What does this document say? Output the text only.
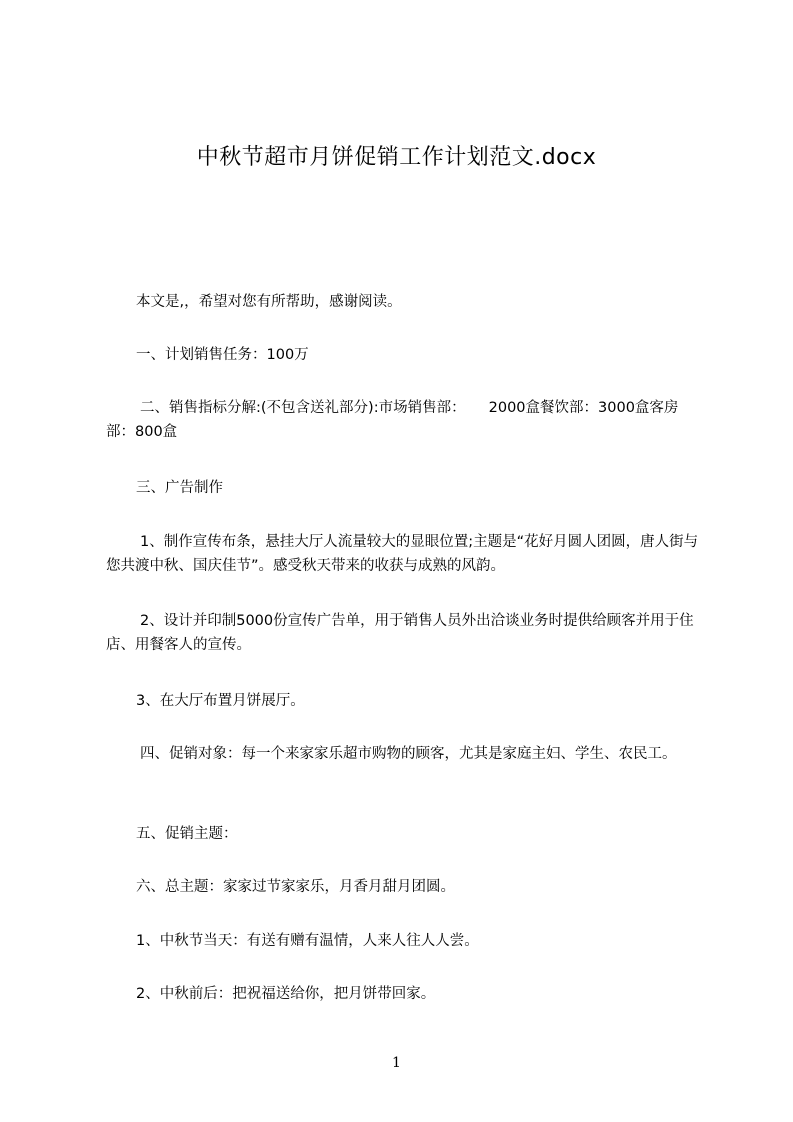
中秋节超市月饼促销工作计划范文.docx
本文是,，希望对您有所帮助，感谢阅读。
一、计划销售任务：100万
二、销售指标分解:(不包含送礼部分):市场销售部：     2000盒餐饮部：3000盒客房部：800盒
三、广告制作
1、制作宣传布条，悬挂大厅人流量较大的显眼位置;主题是“花好月圆人团圆，唐人街与您共渡中秋、国庆佳节”。感受秋天带来的收获与成熟的风韵。
2、设计并印制5000份宣传广告单，用于销售人员外出洽谈业务时提供给顾客并用于住店、用餐客人的宣传。
3、在大厅布置月饼展厅。
四、促销对象：每一个来家家乐超市购物的顾客，尤其是家庭主妇、学生、农民工。
五、促销主题：
六、总主题：家家过节家家乐，月香月甜月团圆。
1、中秋节当天：有送有赠有温情，人来人往人人尝。
2、中秋前后：把祝福送给你，把月饼带回家。
1
